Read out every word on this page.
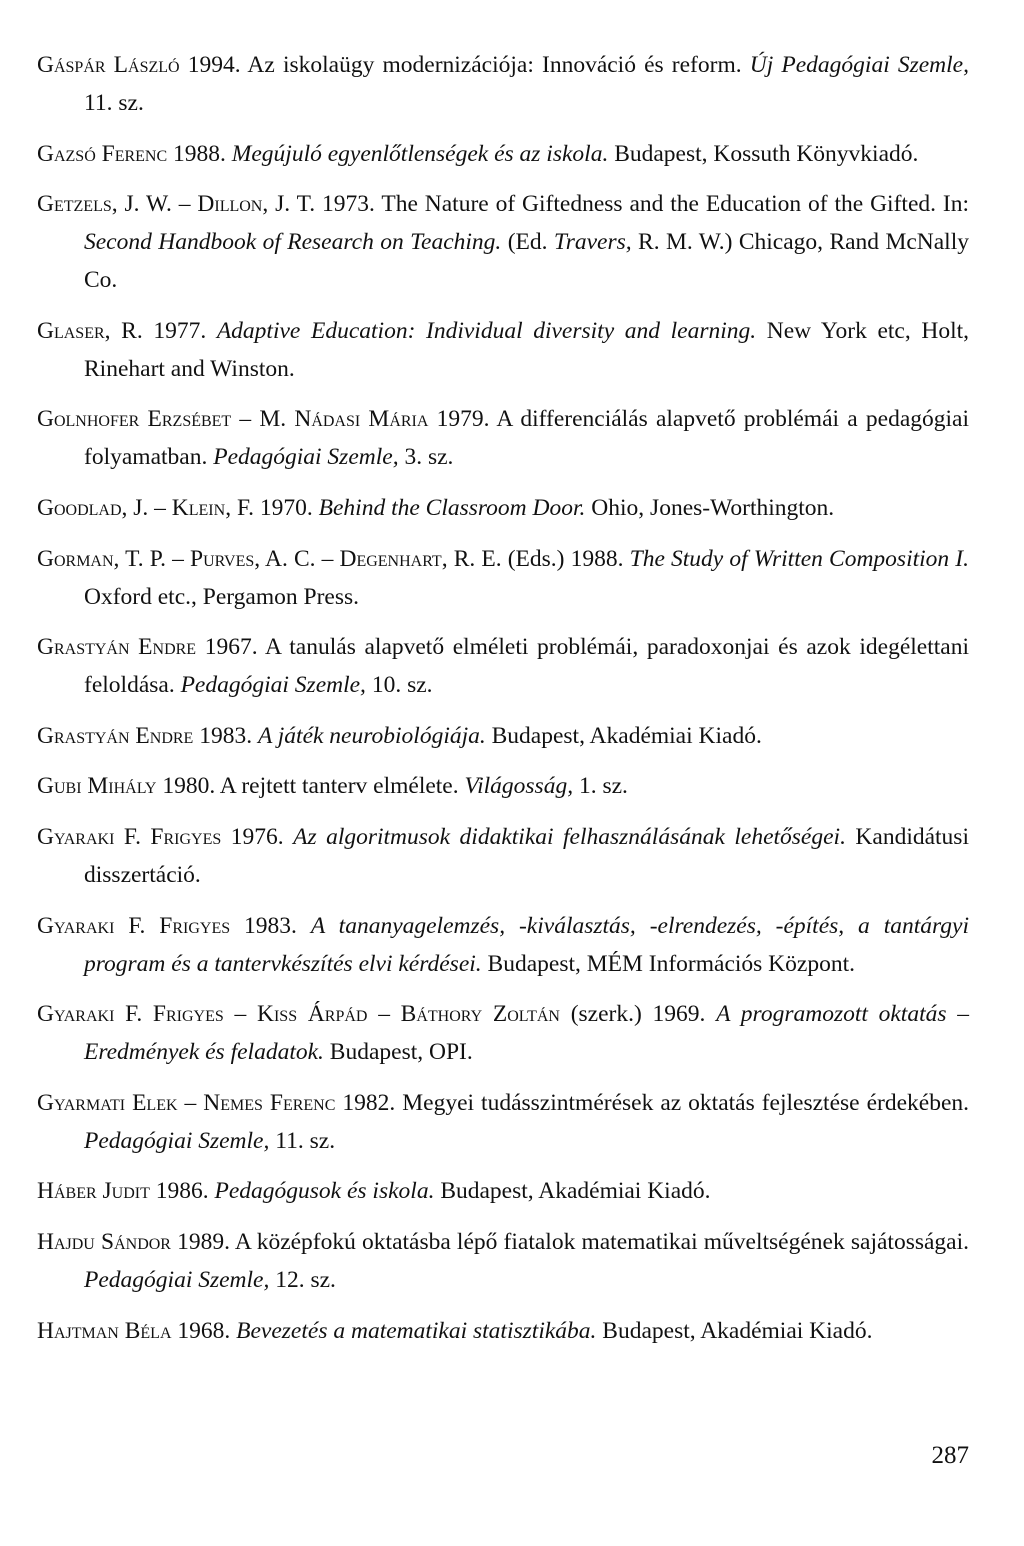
Gáspár László 1994. Az iskolaügy modernizációja: Innováció és reform. Új Pedagógiai Szemle, 11. sz.

Gazsó Ferenc 1988. Megújuló egyenlőtlenségek és az iskola. Budapest, Kossuth Könyvkiadó.

Getzels, J. W. – Dillon, J. T. 1973. The Nature of Giftedness and the Education of the Gifted. In: Second Handbook of Research on Teaching. (Ed. Travers, R. M. W.) Chicago, Rand McNally Co.

Glaser, R. 1977. Adaptive Education: Individual diversity and learning. New York etc, Holt, Rinehart and Winston.

Golnhofer Erzsébet – M. Nádasi Mária 1979. A differenciálás alapvető problémái a pedagógiai folyamatban. Pedagógiai Szemle, 3. sz.

Goodlad, J. – Klein, F. 1970. Behind the Classroom Door. Ohio, Jones-Worthington.

Gorman, T. P. – Purves, A. C. – Degenhart, R. E. (Eds.) 1988. The Study of Written Composition I. Oxford etc., Pergamon Press.

Grastyán Endre 1967. A tanulás alapvető elméleti problémái, paradoxonjai és azok idegélettani feloldása. Pedagógiai Szemle, 10. sz.

Grastyán Endre 1983. A játék neurobiológiája. Budapest, Akadémiai Kiadó.

Gubi Mihály 1980. A rejtett tanterv elmélete. Világosság, 1. sz.

Gyaraki F. Frigyes 1976. Az algoritmusok didaktikai felhasználásának lehetőségei. Kandidátusi disszertáció.

Gyaraki F. Frigyes 1983. A tananyagelemzés, -kiválasztás, -elrendezés, -építés, a tantárgyi program és a tantervkészítés elvi kérdései. Budapest, MÉM Információs Központ.

Gyaraki F. Frigyes – Kiss Árpád – Báthory Zoltán (szerk.) 1969. A programozott oktatás – Eredmények és feladatok. Budapest, OPI.

Gyarmati Elek – Nemes Ferenc 1982. Megyei tudásszintmérések az oktatás fejlesztése érdekében. Pedagógiai Szemle, 11. sz.

Háber Judit 1986. Pedagógusok és iskola. Budapest, Akadémiai Kiadó.

Hajdu Sándor 1989. A középfokú oktatásba lépő fiatalok matematikai műveltségének sajátosságai. Pedagógiai Szemle, 12. sz.

Hajtman Béla 1968. Bevezetés a matematikai statisztikába. Budapest, Akadémiai Kiadó.

287
